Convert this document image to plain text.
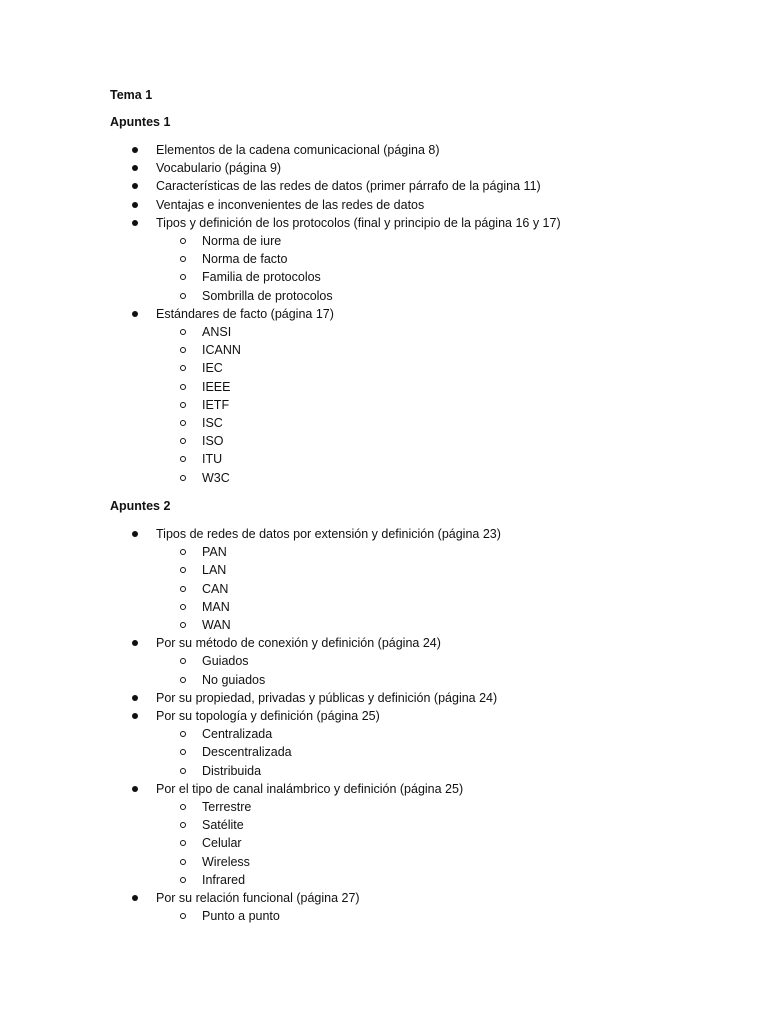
Tema 1
Apuntes 1
Elementos de la cadena comunicacional (página 8)
Vocabulario (página 9)
Características de las redes de datos (primer párrafo de la página 11)
Ventajas e inconvenientes de las redes de datos
Tipos y definición de los protocolos (final y principio de la página 16 y 17)
Norma de iure
Norma de facto
Familia de protocolos
Sombrilla de protocolos
Estándares de facto (página 17)
ANSI
ICANN
IEC
IEEE
IETF
ISC
ISO
ITU
W3C
Apuntes 2
Tipos de redes de datos por extensión y definición (página 23)
PAN
LAN
CAN
MAN
WAN
Por su método de conexión y definición (página 24)
Guiados
No guiados
Por su propiedad, privadas y públicas y definición (página 24)
Por su topología y definición (página 25)
Centralizada
Descentralizada
Distribuida
Por el tipo de canal inalámbrico y definición (página 25)
Terrestre
Satélite
Celular
Wireless
Infrared
Por su relación funcional (página 27)
Punto a punto
